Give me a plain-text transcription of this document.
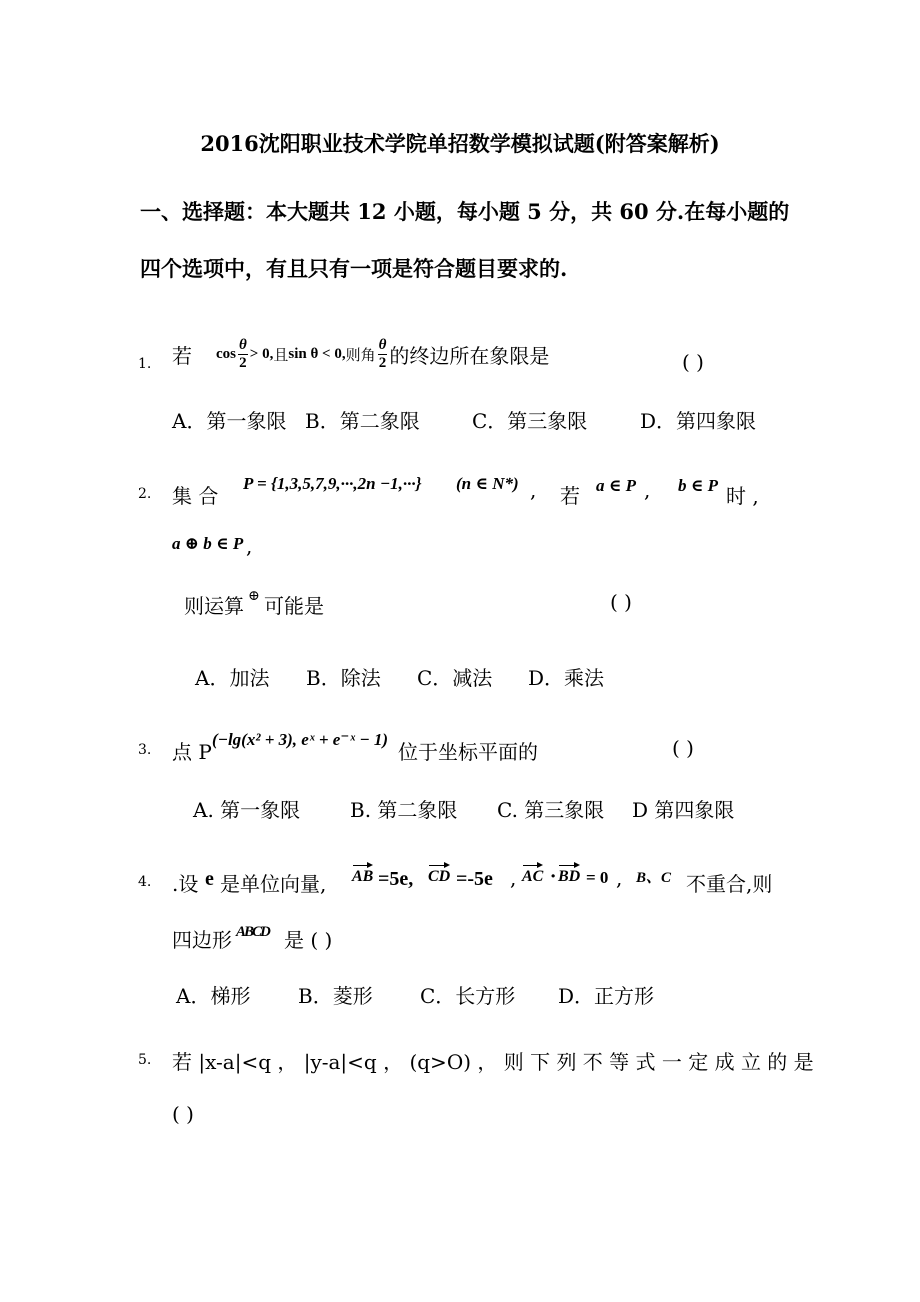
2016沈阳职业技术学院单招数学模拟试题(附答案解析)
一、选择题：本大题共 12 小题，每小题 5 分，共 60 分.在每小题的
四个选项中，有且只有一项是符合题目要求的.
1. 若 $\cos \frac{\theta}{2} > 0$, 且 sin θ < 0, 则角 $\frac{\theta}{2}$ 的终边所在象限是	( )
A．第一象限 B．第二象限	C．第三象限	D．第四象限
2. 集 合
P = {1,3,5,7,9,···,2n −1,···} (n ∈ N*) , 若 a ∈ P , b ∈ P 时 ,
a ⊕ b ∈ P ,
则运算 ⊕ 可能是	( )
A．加法 B．除法 C．减法 D．乘法
3. 点 P
(−lg(x² + 3), eˣ + e⁻ˣ − 1)
位于坐标平面的	( )
A. 第一象限 B. 第二象限 C. 第三象限 D 第四象限
4. .设 e 是单位向量, AB =5e, CD =-5e , AC · BD = 0 , B、C 不重合,则
四边形 ABCD 是 ( )
A．梯形 B．菱形 C．长方形 D．正方形
5. 若 |x-a|<q ， |y-a|<q ， (q>O) ， 则 下 列 不 等 式 一 定 成 立 的 是
( )
